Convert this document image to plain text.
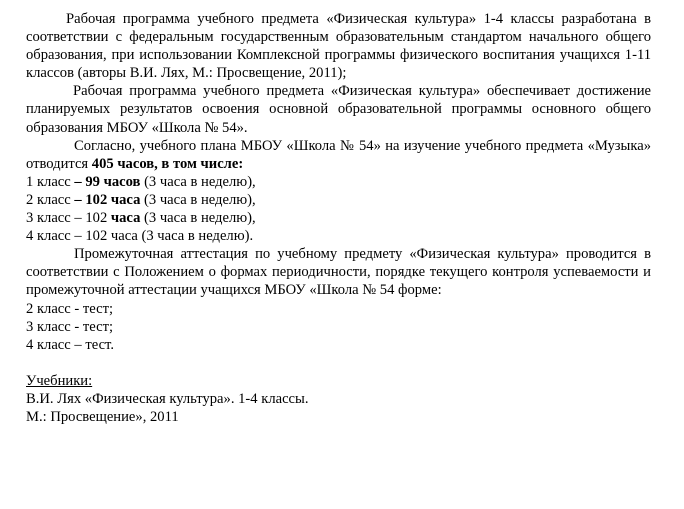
Рабочая программа учебного предмета «Физическая культура» 1-4 классы разработана в соответствии с федеральным государственным образовательным стандартом начального общего образования, при использовании Комплексной программы физического воспитания учащихся 1-11 классов (авторы В.И. Лях, М.: Просвещение, 2011);

Рабочая программа учебного предмета «Физическая культура» обеспечивает достижение планируемых результатов освоения основной образовательной программы основного общего образования МБОУ «Школа № 54».

Согласно, учебного плана МБОУ «Школа № 54» на изучение учебного предмета «Музыка» отводится 405 часов, в том числе:

1 класс – 99 часов (3 часа в неделю),

2 класс – 102 часа (3 часа в неделю),

3 класс – 102 часа (3 часа в неделю),

4 класс – 102 часа (3 часа в неделю).

Промежуточная аттестация по учебному предмету «Физическая культура» проводится в соответствии с Положением о формах периодичности, порядке текущего контроля успеваемости и промежуточной аттестации учащихся МБОУ «Школа № 54 форме:

2 класс - тест;

3 класс - тест;

4 класс – тест.

Учебники:

В.И. Лях «Физическая культура». 1-4 классы.

М.: Просвещение», 2011
